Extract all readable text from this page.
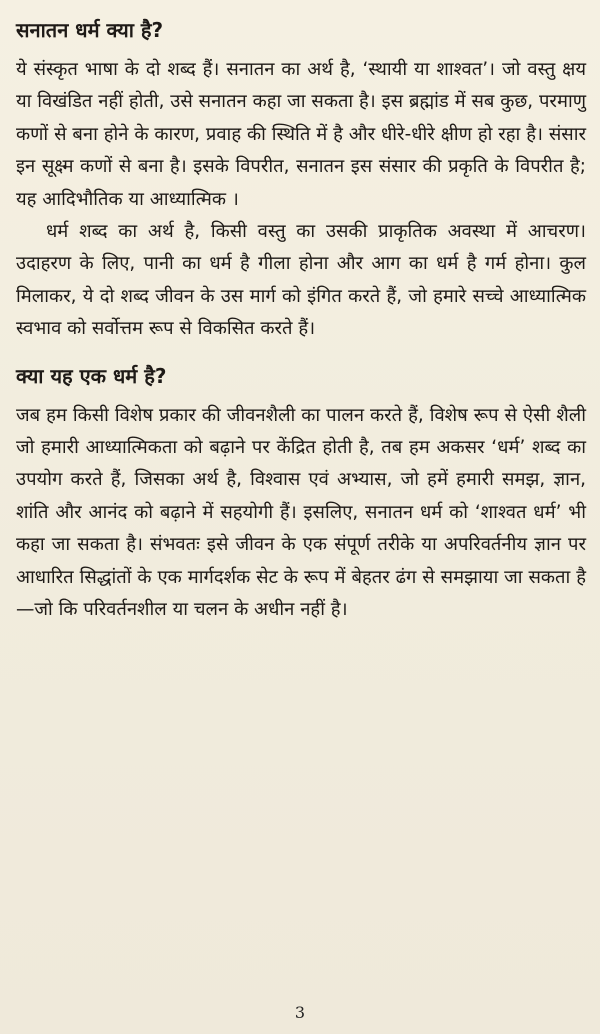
सनातन धर्म क्या है?

ये संस्कृत भाषा के दो शब्द हैं। सनातन का अर्थ है, ‘स्थायी या शाश्वत’। जो वस्तु क्षय या विखंडित नहीं होती, उसे सनातन कहा जा सकता है। इस ब्रह्मांड में सब कुछ, परमाणु कणों से बना होने के कारण, प्रवाह की स्थिति में है और धीरे-धीरे क्षीण हो रहा है। संसार इन सूक्ष्म कणों से बना है। इसके विपरीत, सनातन इस संसार की प्रकृति के विपरीत है; यह आदिभौतिक या आध्यात्मिक ।

धर्म शब्द का अर्थ है, किसी वस्तु का उसकी प्राकृतिक अवस्था में आचरण। उदाहरण के लिए, पानी का धर्म है गीला होना और आग का धर्म है गर्म होना। कुल मिलाकर, ये दो शब्द जीवन के उस मार्ग को इंगित करते हैं, जो हमारे सच्चे आध्यात्मिक स्वभाव को सर्वोत्तम रूप से विकसित करते हैं।

क्या यह एक धर्म है?

जब हम किसी विशेष प्रकार की जीवनशैली का पालन करते हैं, विशेष रूप से ऐसी शैली जो हमारी आध्यात्मिकता को बढ़ाने पर केंद्रित होती है, तब हम अकसर ‘धर्म’ शब्द का उपयोग करते हैं, जिसका अर्थ है, विश्वास एवं अभ्यास, जो हमें हमारी समझ, ज्ञान, शांति और आनंद को बढ़ाने में सहयोगी हैं। इसलिए, सनातन धर्म को ‘शाश्वत धर्म’ भी कहा जा सकता है। संभवतः इसे जीवन के एक संपूर्ण तरीके या अपरिवर्तनीय ज्ञान पर आधारित सिद्धांतों के एक मार्गदर्शक सेट के रूप में बेहतर ढंग से समझाया जा सकता है—जो कि परिवर्तनशील या चलन के अधीन नहीं है।

3
